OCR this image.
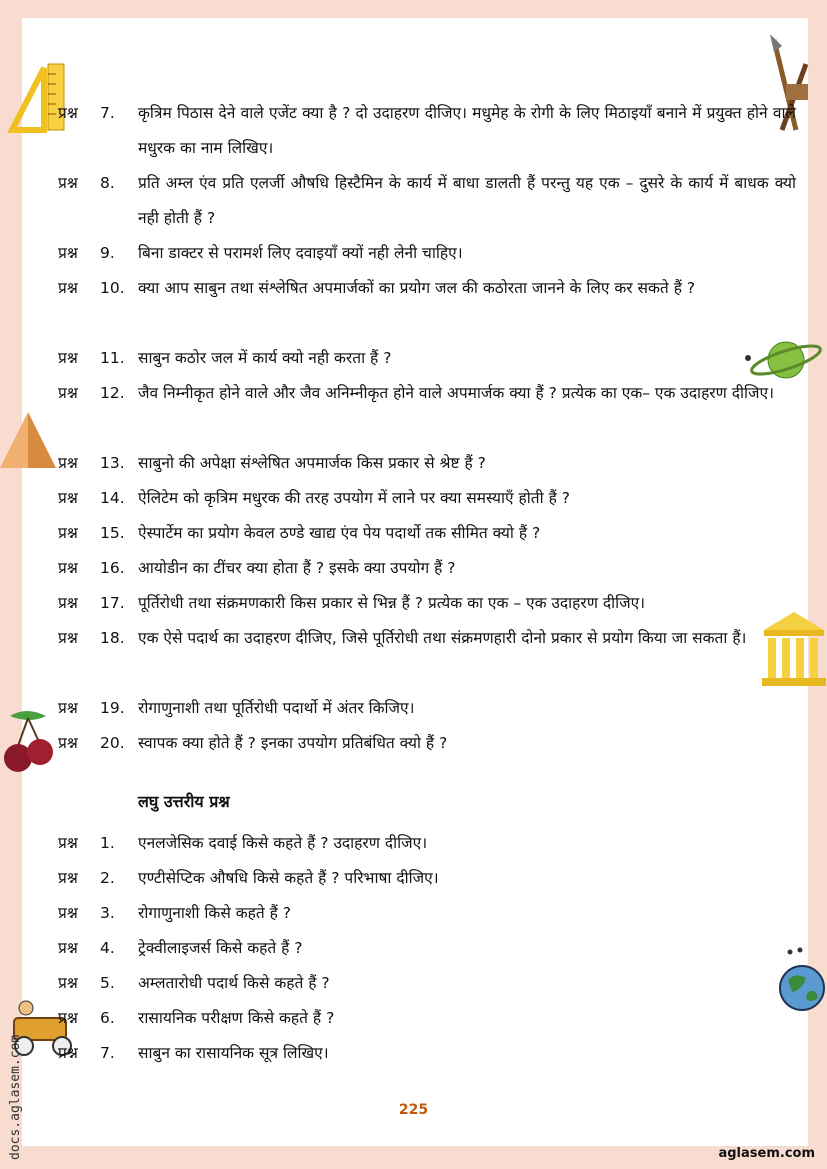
docs.aglasem.com
प्रश्न 7. कृत्रिम पिठास देने वाले एजेंट क्या है ? दो उदाहरण दीजिए। मधुमेह के रोगी के लिए मिठाइयाँ बनाने में प्रयुक्त होने वाले मधुरक का नाम लिखिए।
प्रश्न 8. प्रति अम्ल एंव प्रति एलर्जी औषधि हिस्टैमिन के कार्य में बाधा डालती हैं परन्तु यह एक – दुसरे के कार्य में बाधक क्यो नही होती हैं ?
प्रश्न 9. बिना डाक्टर से परामर्श लिए दवाइयाँ क्यों नही लेनी चाहिए।
प्रश्न 10. क्या आप साबुन तथा संश्लेषित अपमार्जकों का प्रयोग जल की कठोरता जानने के लिए कर सकते हैं ?
प्रश्न 11. साबुन कठोर जल में कार्य क्यो नही करता हैं ?
प्रश्न 12. जैव निम्नीकृत होने वाले और जैव अनिम्नीकृत होने वाले अपमार्जक क्या हैं ? प्रत्येक का एक– एक उदाहरण दीजिए।
प्रश्न 13. साबुनो की अपेक्षा संश्लेषित अपमार्जक किस प्रकार से श्रेष्ट हैं ?
प्रश्न 14. ऐलिटेम को कृत्रिम मधुरक की तरह उपयोग में लाने पर क्या समस्याएँ होती हैं ?
प्रश्न 15. ऐस्पार्टेम का प्रयोग केवल ठण्डे खाद्य एंव पेय पदार्थो तक सीमित क्यो हैं ?
प्रश्न 16. आयोडीन का टींचर क्या होता हैं ? इसके क्या उपयोग हैं ?
प्रश्न 17. पूर्तिरोधी तथा संक्रमणकारी किस प्रकार से भिन्न हैं ? प्रत्येक का एक – एक उदाहरण दीजिए।
प्रश्न 18. एक ऐसे पदार्थ का उदाहरण दीजिए, जिसे पूर्तिरोधी तथा संक्रमणहारी दोनो प्रकार से प्रयोग किया जा सकता हैं।
प्रश्न 19. रोगाणुनाशी तथा पूर्तिरोधी पदार्थो में अंतर किजिए।
प्रश्न 20. स्वापक क्या होते हैं ? इनका उपयोग प्रतिबंधित क्यो हैं ?
लघु उत्तरीय प्रश्न
प्रश्न 1. एनलजेसिक दवाई किसे कहते हैं ? उदाहरण दीजिए।
प्रश्न 2. एण्टीसेप्टिक औषधि किसे कहते हैं ? परिभाषा दीजिए।
प्रश्न 3. रोगाणुनाशी किसे कहते हैं ?
प्रश्न 4. ट्रेक्वीलाइजर्स किसे कहते हैं ?
प्रश्न 5. अम्लतारोधी पदार्थ किसे कहते हैं ?
प्रश्न 6. रासायनिक परीक्षण किसे कहते हैं ?
प्रश्न 7. साबुन का रासायनिक सूत्र लिखिए।
225
aglasem.com
